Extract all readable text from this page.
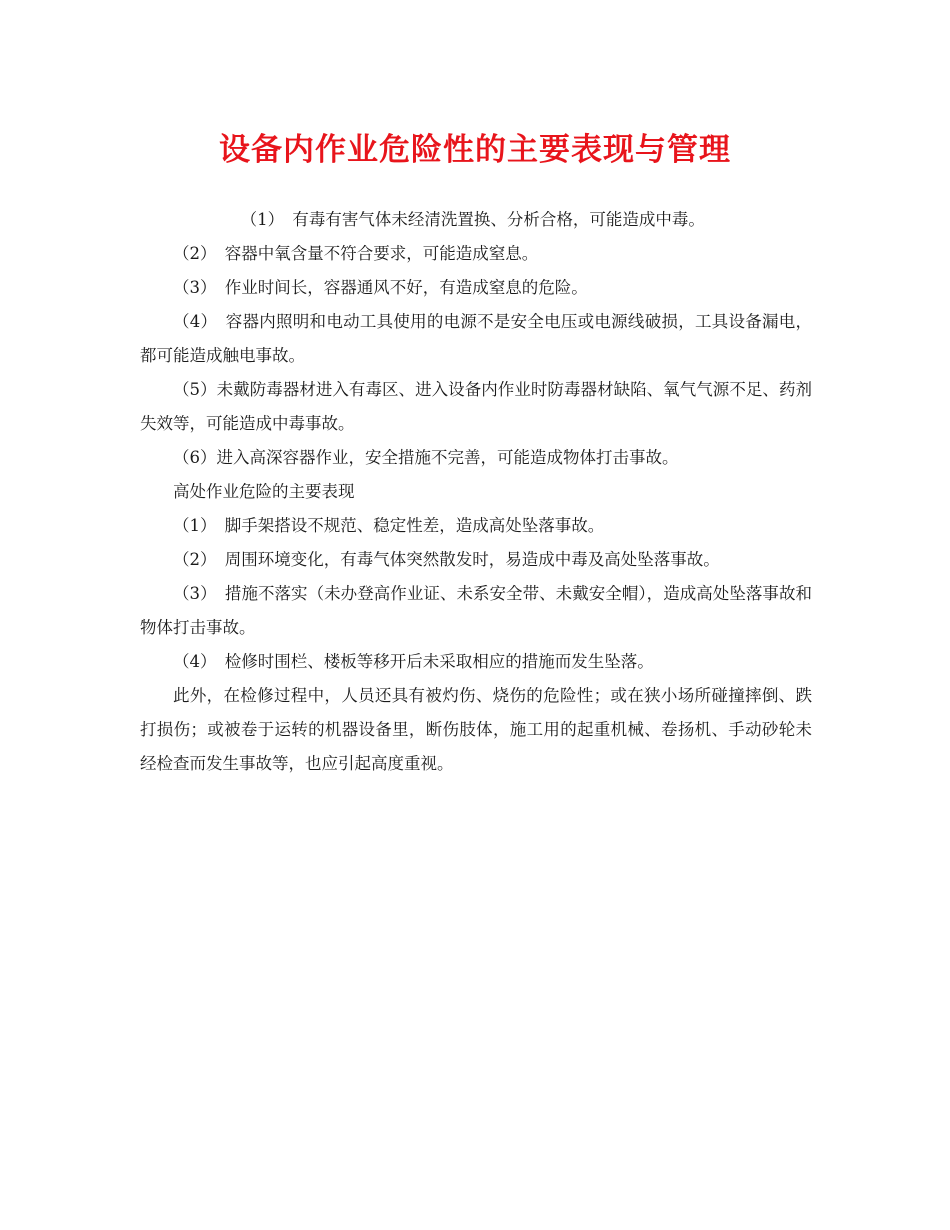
设备内作业危险性的主要表现与管理

（1）　有毒有害气体未经清洗置换、分析合格，可能造成中毒。

（2）　容器中氧含量不符合要求，可能造成窒息。

（3）　作业时间长，容器通风不好，有造成窒息的危险。

（4）　容器内照明和电动工具使用的电源不是安全电压或电源线破损，工具设备漏电，都可能造成触电事故。

（5）未戴防毒器材进入有毒区、进入设备内作业时防毒器材缺陷、氧气气源不足、药剂失效等，可能造成中毒事故。

（6）进入高深容器作业，安全措施不完善，可能造成物体打击事故。

高处作业危险的主要表现

（1）　脚手架搭设不规范、稳定性差，造成高处坠落事故。

（2）　周围环境变化，有毒气体突然散发时，易造成中毒及高处坠落事故。

（3）　措施不落实（未办登高作业证、未系安全带、未戴安全帽），造成高处坠落事故和物体打击事故。

（4）　检修时围栏、楼板等移开后未采取相应的措施而发生坠落。

此外，在检修过程中，人员还具有被灼伤、烧伤的危险性；或在狭小场所碰撞摔倒、跌打损伤；或被卷于运转的机器设备里，断伤肢体，施工用的起重机械、卷扬机、手动砂轮未经检查而发生事故等，也应引起高度重视。
